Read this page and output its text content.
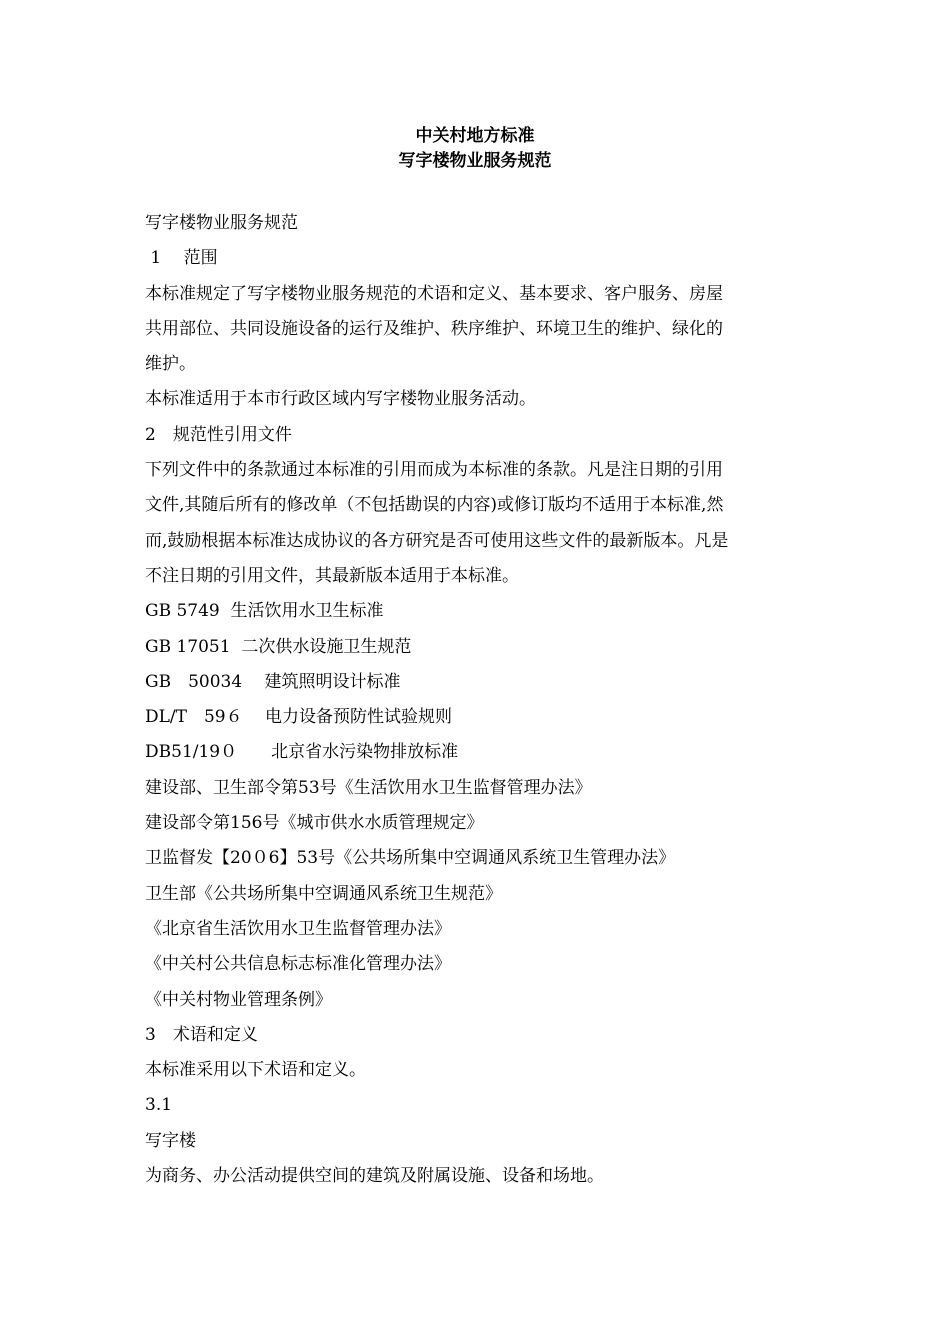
中关村地方标准
写字楼物业服务规范
写字楼物业服务规范
1　 范围
本标准规定了写字楼物业服务规范的术语和定义、基本要求、客户服务、房屋
共用部位、共同设施设备的运行及维护、秩序维护、环境卫生的维护、绿化的
维护。
本标准适用于本市行政区域内写字楼物业服务活动。
2　规范性引用文件
下列文件中的条款通过本标准的引用而成为本标准的条款。凡是注日期的引用
文件,其随后所有的修改单（不包括勘误的内容)或修订版均不适用于本标准,然
而,鼓励根据本标准达成协议的各方研究是否可使用这些文件的最新版本。凡是
不注日期的引用文件，其最新版本适用于本标准。
GB 5749  生活饮用水卫生标准
GB 17051  二次供水设施卫生规范
GB　50034　 建筑照明设计标准
DL/T　59６　 电力设备预防性试验规则
DB51/19０　　北京省水污染物排放标准
建设部、卫生部令第53号《生活饮用水卫生监督管理办法》
建设部令第156号《城市供水水质管理规定》
卫监督发【20０6】53号《公共场所集中空调通风系统卫生管理办法》
卫生部《公共场所集中空调通风系统卫生规范》
《北京省生活饮用水卫生监督管理办法》
《中关村公共信息标志标准化管理办法》
《中关村物业管理条例》
3　术语和定义
本标准采用以下术语和定义。
3.1
写字楼
为商务、办公活动提供空间的建筑及附属设施、设备和场地。
